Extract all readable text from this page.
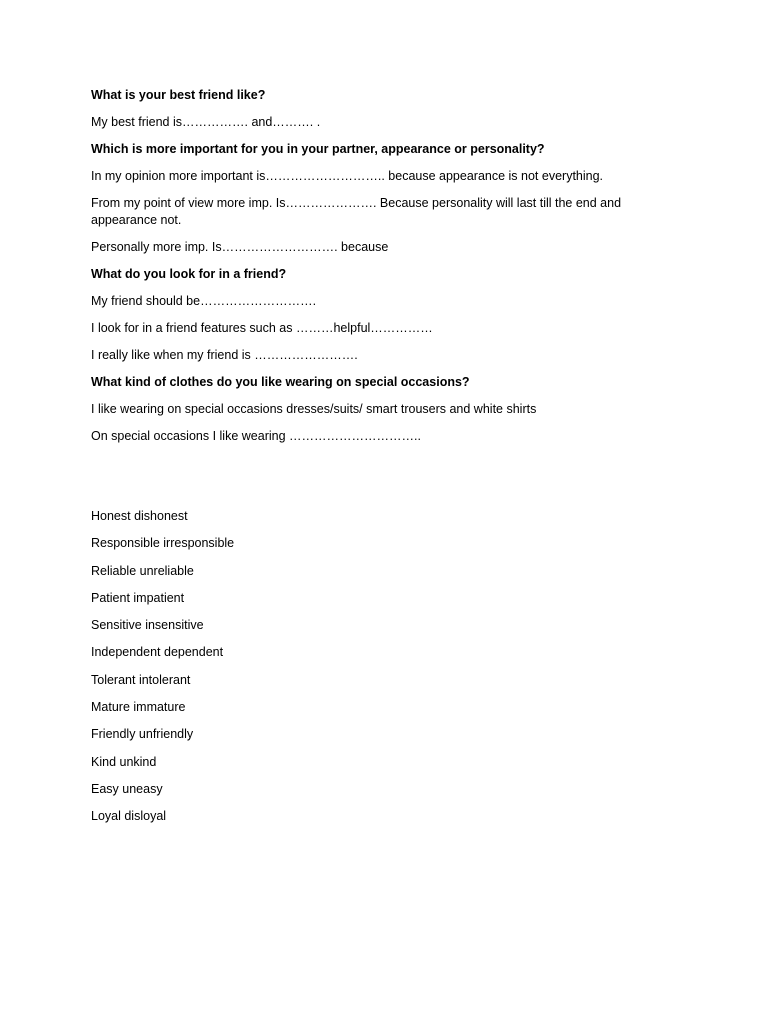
What is your best friend like?

My best friend is……………. and………. .

Which is more important for you in your partner, appearance or personality?

In my opinion more important is……………………….. because appearance is not everything.

From my point of view more imp. Is…………………. Because personality will last till the end and appearance not.

Personally more imp. Is………………………. because

What do you look for in a friend?

My friend should be……………………….

I look for in a friend features such as ………helpful……………

I really like when my friend is …………………….

What kind of clothes do you like wearing on special occasions?

I like wearing on special occasions dresses/suits/ smart trousers and white shirts

On special occasions I like wearing …………………………..

Honest dishonest

Responsible irresponsible

Reliable unreliable

Patient impatient

Sensitive insensitive

Independent dependent

Tolerant intolerant

Mature immature

Friendly unfriendly

Kind unkind

Easy uneasy

Loyal disloyal
